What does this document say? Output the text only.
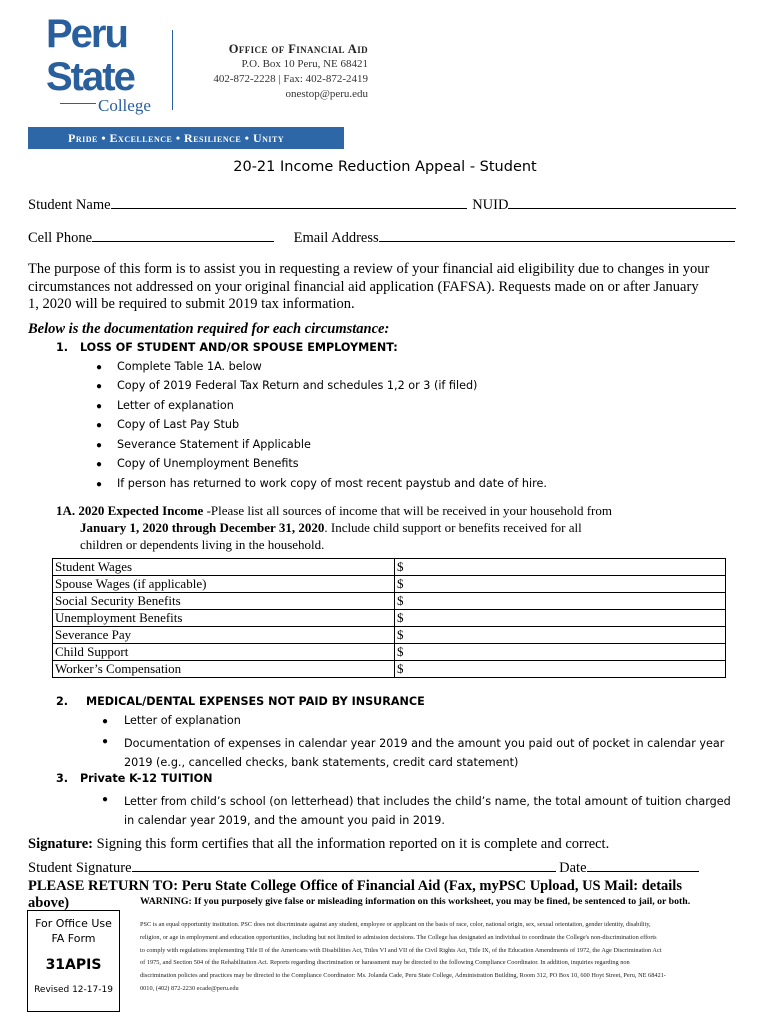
Peru
State
College
Office of Financial Aid
P.O. Box 10 Peru, NE 68421
402-872-2228 | Fax: 402-872-2419
onestop@peru.edu
Pride • Excellence • Resilience • Unity
20-21 Income Reduction Appeal - Student
Student Name	NUID
Cell Phone	Email Address
The purpose of this form is to assist you in requesting a review of your financial aid eligibility due to changes in your
circumstances not addressed on your original financial aid application (FAFSA). Requests made on or after January
1, 2020 will be required to submit 2019 tax information.
Below is the documentation required for each circumstance:
1. LOSS OF STUDENT AND/OR SPOUSE EMPLOYMENT:
● Complete Table 1A. below
● Copy of 2019 Federal Tax Return and schedules 1,2 or 3 (if filed)
● Letter of explanation
● Copy of Last Pay Stub
● Severance Statement if Applicable
● Copy of Unemployment Benefits
● If person has returned to work copy of most recent paystub and date of hire.
1A. 2020 Expected Income -Please list all sources of income that will be received in your household from
January 1, 2020 through December 31, 2020. Include child support or benefits received for all
children or dependents living in the household.
Student Wages	$
Spouse Wages (if applicable)	$
Social Security Benefits	$
Unemployment Benefits	$
Severance Pay	$
Child Support	$
Worker’s Compensation	$
2. MEDICAL/DENTAL EXPENSES NOT PAID BY INSURANCE
● Letter of explanation
● Documentation of expenses in calendar year 2019 and the amount you paid out of pocket in calendar year
2019 (e.g., cancelled checks, bank statements, credit card statement)
3. Private K-12 TUITION
● Letter from child’s school (on letterhead) that includes the child’s name, the total amount of tuition charged
in calendar year 2019, and the amount you paid in 2019.
Signature: Signing this form certifies that all the information reported on it is complete and correct.
Student Signature	Date
PLEASE RETURN TO: Peru State College Office of Financial Aid (Fax, myPSC Upload, US Mail: details
above)	WARNING: If you purposely give false or misleading information on this worksheet, you may be fined, be sentenced to jail, or both.
For Office Use
FA Form
31APIS
Revised 12-17-19
PSC is an equal opportunity institution. PSC does not discriminate against any student, employee or applicant on the basis of race, color, national origin, sex, sexual orientation, gender identity, disability,
religion, or age in employment and education opportunities, including but not limited to admission decisions. The College has designated an individual to coordinate the College's non-discrimination efforts
to comply with regulations implementing Title II of the Americans with Disabilities Act, Titles VI and VII of the Civil Rights Act, Title IX, of the Education Amendments of 1972, the Age Discrimination Act
of 1975, and Section 504 of the Rehabilitation Act. Reports regarding discrimination or harassment may be directed to the following Compliance Coordinator. In addition, inquiries regarding non
discrimination policies and practices may be directed to the Compliance Coordinator: Ms. Jolanda Cade, Peru State College, Administration Building, Room 312, PO Box 10, 600 Hoyt Street, Peru, NE 68421-
0010, (402) 872-2230 ecade@peru.edu
